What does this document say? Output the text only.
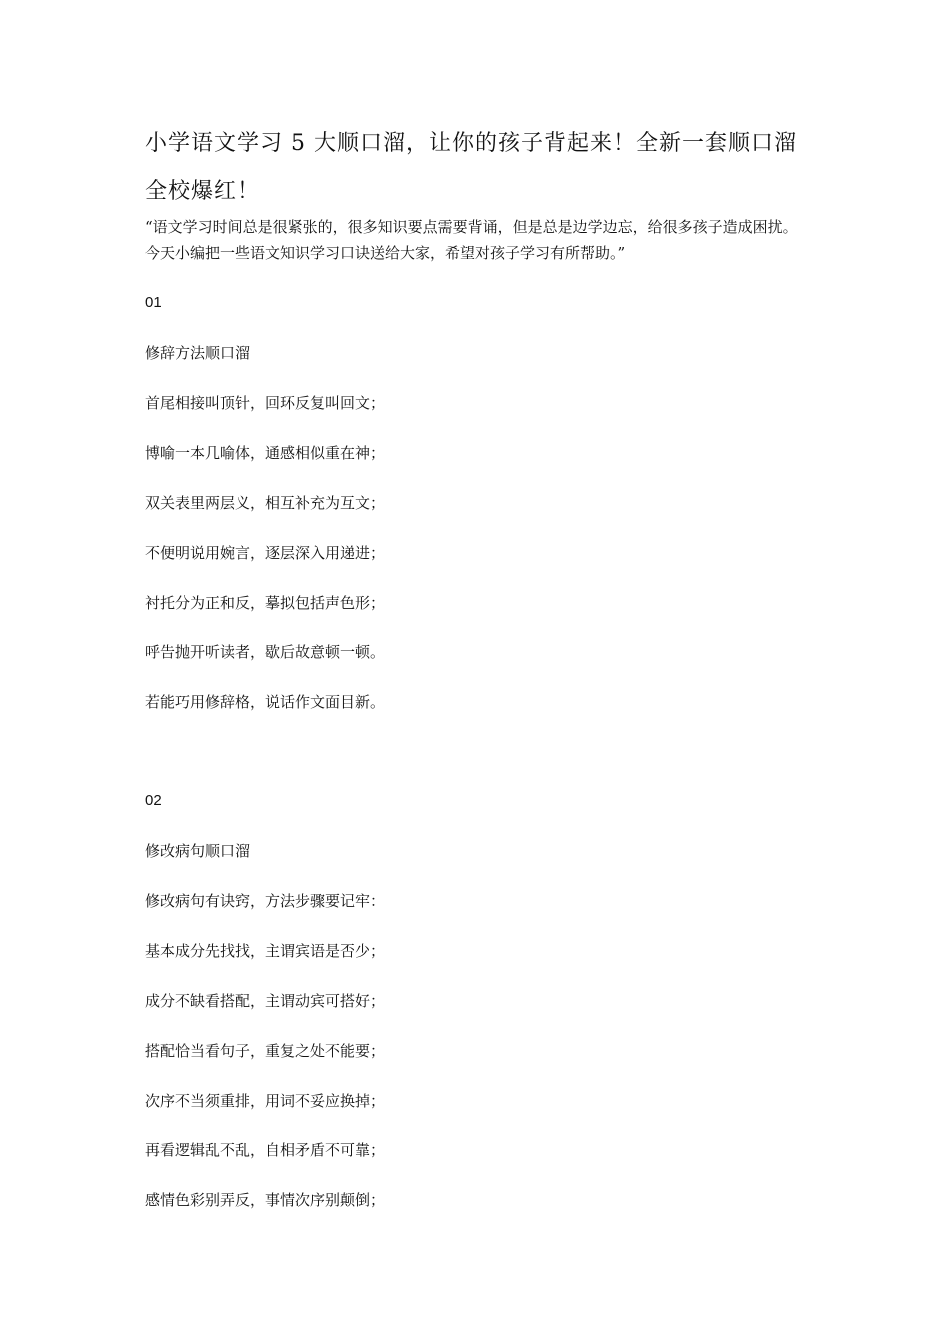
小学语文学习 5 大顺口溜，让你的孩子背起来！全新一套顺口溜全校爆红！

“语文学习时间总是很紧张的，很多知识要点需要背诵，但是总是边学边忘，给很多孩子造成困扰。今天小编把一些语文知识学习口诀送给大家，希望对孩子学习有所帮助。”

01

修辞方法顺口溜

首尾相接叫顶针，回环反复叫回文；

博喻一本几喻体，通感相似重在神；

双关表里两层义，相互补充为互文；

不便明说用婉言，逐层深入用递进；

衬托分为正和反，摹拟包括声色形；

呼告抛开听读者，歇后故意顿一顿。

若能巧用修辞格，说话作文面目新。

02

修改病句顺口溜

修改病句有诀窍，方法步骤要记牢：

基本成分先找找，主谓宾语是否少；

成分不缺看搭配，主谓动宾可搭好；

搭配恰当看句子，重复之处不能要；

次序不当须重排，用词不妥应换掉；

再看逻辑乱不乱，自相矛盾不可靠；

感情色彩别弄反，事情次序别颠倒；
